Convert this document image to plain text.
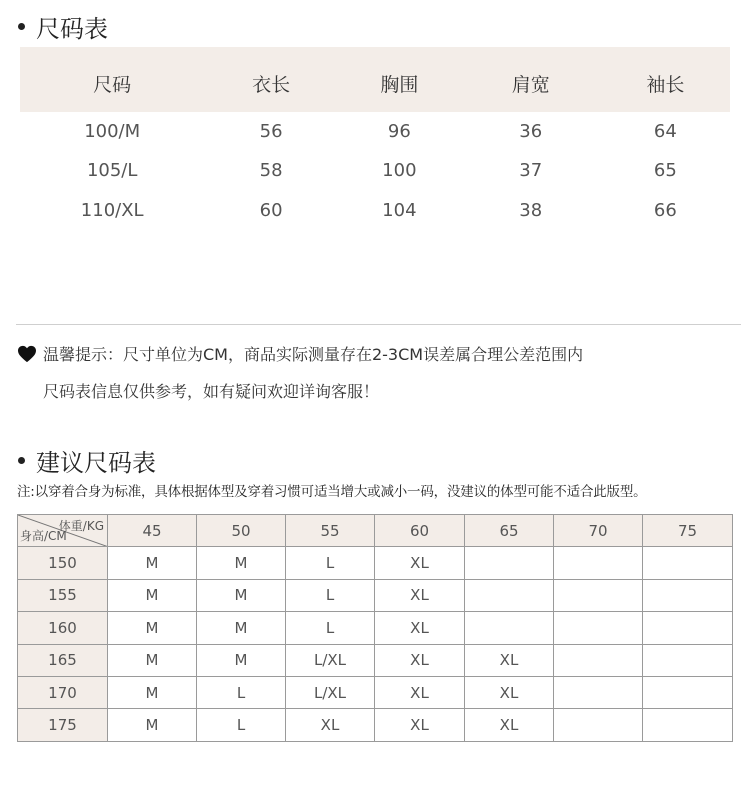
尺码表
尺码	衣长	胸围	肩宽	袖长
100/M	56	96	36	64
105/L	58	100	37	65
110/XL	60	104	38	66
温馨提示：尺寸单位为CM，商品实际测量存在2-3CM误差属合理公差范围内
尺码表信息仅供参考，如有疑问欢迎详询客服！
建议尺码表
注:以穿着合身为标准，具体根据体型及穿着习惯可适当增大或减小一码，没建议的体型可能不适合此版型。
体重/KG
身高/CM	45	50	55	60	65	70	75
150	M	M	L	XL			
155	M	M	L	XL			
160	M	M	L	XL			
165	M	M	L/XL	XL	XL		
170	M	L	L/XL	XL	XL		
175	M	L	XL	XL	XL		
